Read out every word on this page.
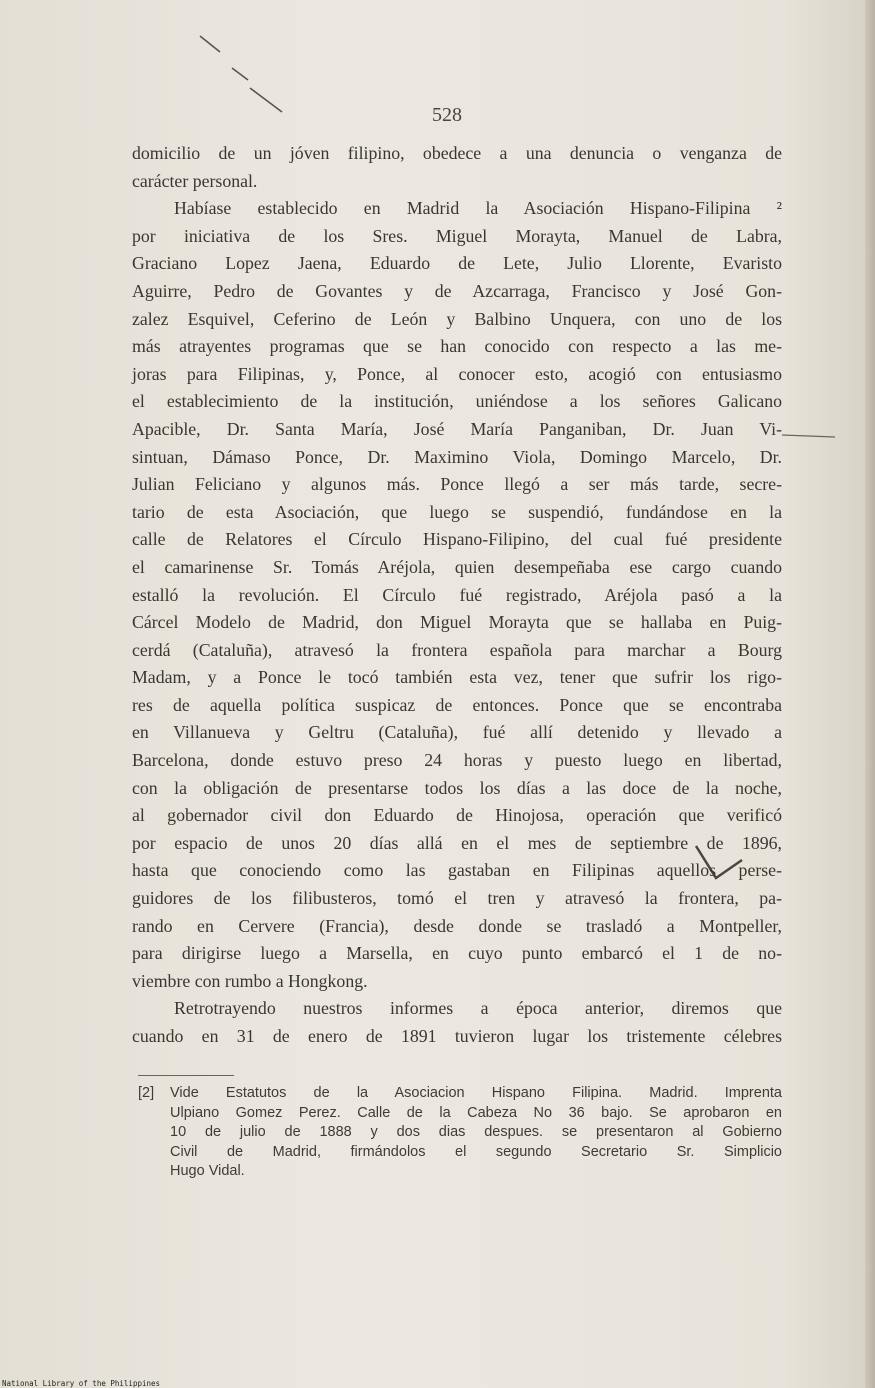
528
domicilio de un jóven filipino, obedece a una denuncia o venganza de
carácter personal.
Habíase establecido en Madrid la Asociación Hispano-Filipina ²
por iniciativa de los Sres. Miguel Morayta, Manuel de Labra,
Graciano Lopez Jaena, Eduardo de Lete, Julio Llorente, Evaristo
Aguirre, Pedro de Govantes y de Azcarraga, Francisco y José Gon-
zalez Esquivel, Ceferino de León y Balbino Unquera, con uno de los
más atrayentes programas que se han conocido con respecto a las me-
joras para Filipinas, y, Ponce, al conocer esto, acogió con entusiasmo
el establecimiento de la institución, uniéndose a los señores Galicano
Apacible, Dr. Santa María, José María Panganiban, Dr. Juan Vi-
sintuan, Dámaso Ponce, Dr. Maximino Viola, Domingo Marcelo, Dr.
Julian Feliciano y algunos más. Ponce llegó a ser más tarde, secre-
tario de esta Asociación, que luego se suspendió, fundándose en la
calle de Relatores el Círculo Hispano-Filipino, del cual fué presidente
el camarinense Sr. Tomás Aréjola, quien desempeñaba ese cargo cuando
estalló la revolución. El Círculo fué registrado, Aréjola pasó a la
Cárcel Modelo de Madrid, don Miguel Morayta que se hallaba en Puig-
cerdá (Cataluña), atravesó la frontera española para marchar a Bourg
Madam, y a Ponce le tocó también esta vez, tener que sufrir los rigo-
res de aquella política suspicaz de entonces. Ponce que se encontraba
en Villanueva y Geltru (Cataluña), fué allí detenido y llevado a
Barcelona, donde estuvo preso 24 horas y puesto luego en libertad,
con la obligación de presentarse todos los días a las doce de la noche,
al gobernador civil don Eduardo de Hinojosa, operación que verificó
por espacio de unos 20 días allá en el mes de septiembre de 1896,
hasta que conociendo como las gastaban en Filipinas aquellos perse-
guidores de los filibusteros, tomó el tren y atravesó la frontera, pa-
rando en Cervere (Francia), desde donde se trasladó a Montpeller,
para dirigirse luego a Marsella, en cuyo punto embarcó el 1 de no-
viembre con rumbo a Hongkong.
Retrotrayendo nuestros informes a época anterior, diremos que
cuando en 31 de enero de 1891 tuvieron lugar los tristemente célebres
[2]	Vide Estatutos de la Asociacion Hispano Filipina. Madrid. Imprenta
Ulpiano Gomez Perez. Calle de la Cabeza No 36 bajo. Se aprobaron en
10 de julio de 1888 y dos dias despues. se presentaron al Gobierno
Civil de Madrid, firmándolos el segundo Secretario Sr. Simplicio
Hugo Vidal.
National Library of the Philippines
